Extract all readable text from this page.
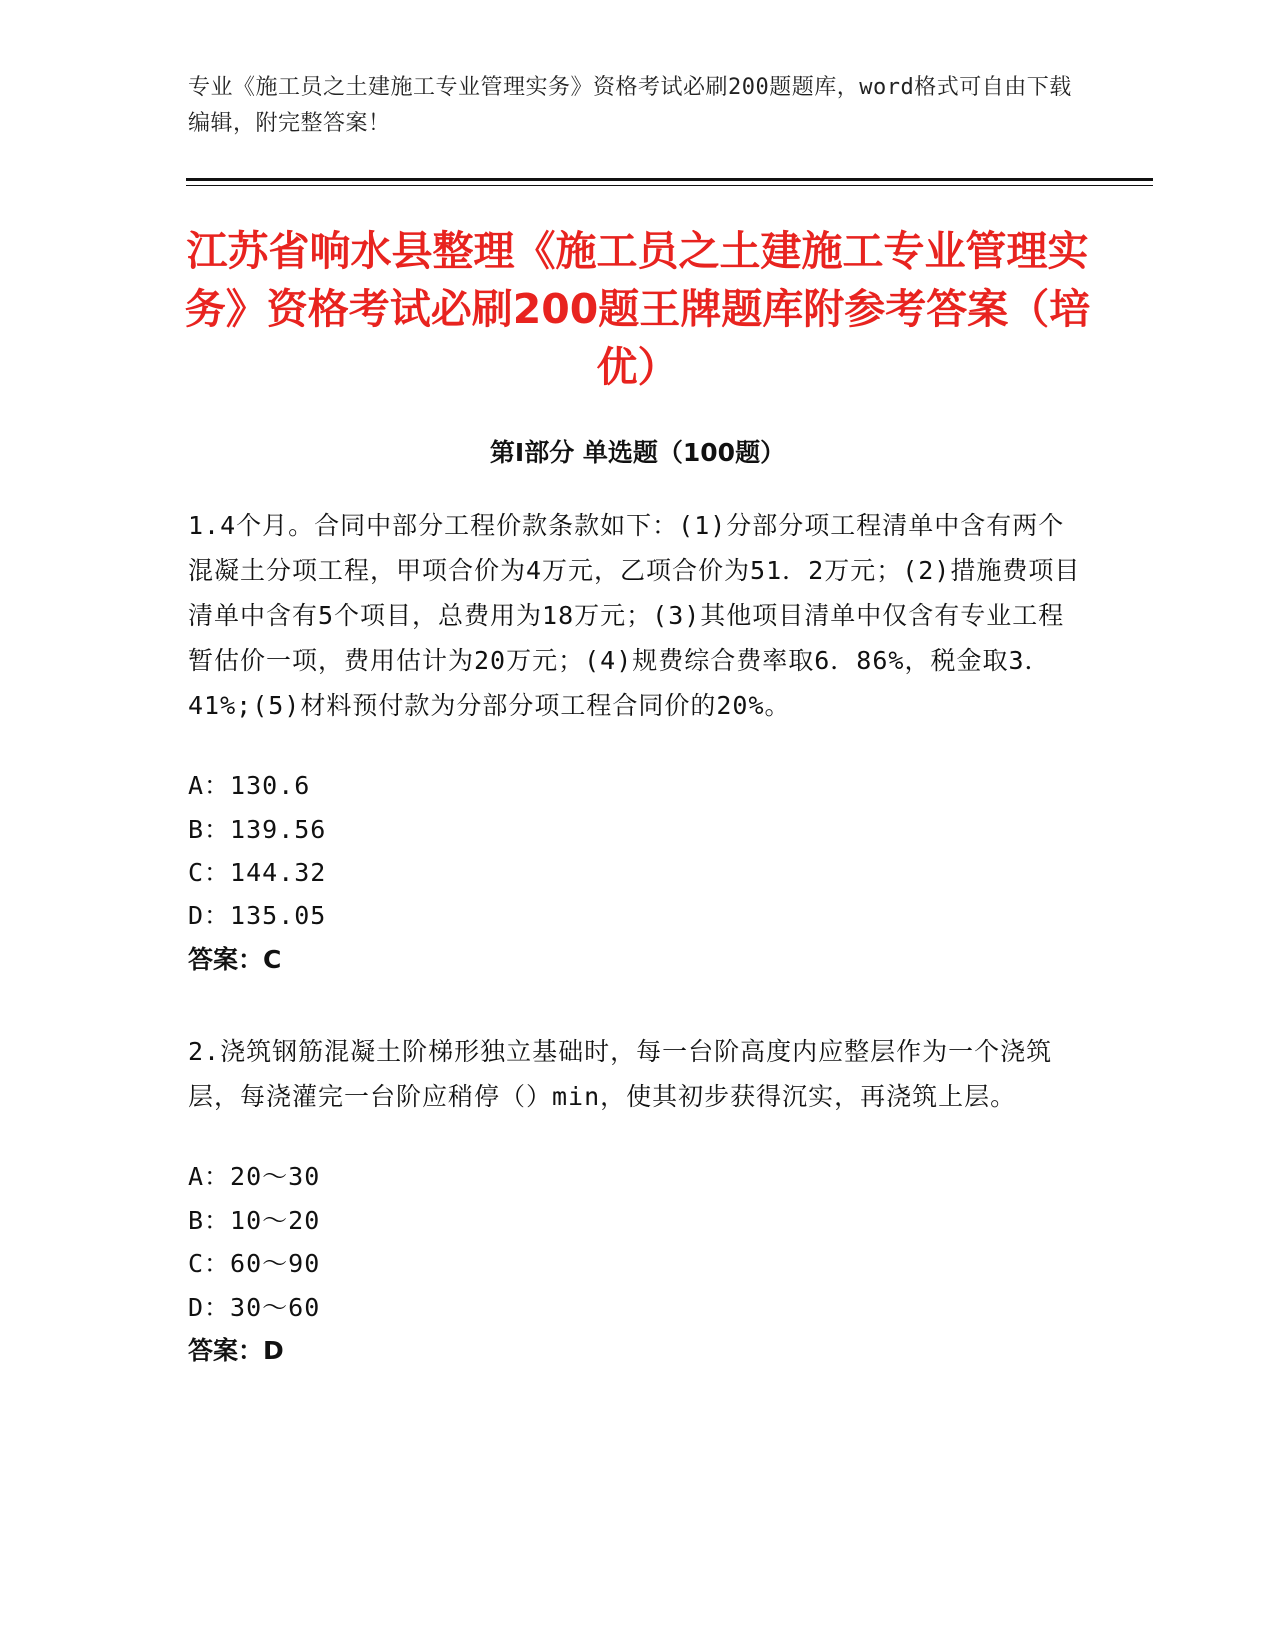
专业《施工员之土建施工专业管理实务》资格考试必刷200题题库，word格式可自由下载编辑，附完整答案！
江苏省响水县整理《施工员之土建施工专业管理实务》资格考试必刷200题王牌题库附参考答案（培优）
第Ⅰ部分 单选题（100题）

1.4个月。合同中部分工程价款条款如下：(1)分部分项工程清单中含有两个混凝土分项工程，甲项合价为4万元，乙项合价为51．2万元；(2)措施费项目清单中含有5个项目，总费用为18万元；(3)其他项目清单中仅含有专业工程暂估价一项，费用估计为20万元；(4)规费综合费率取6．86%，税金取3．41%;(5)材料预付款为分部分项工程合同价的20%。

A：130.6
B：139.56
C：144.32
D：135.05
答案：C

2.浇筑钢筋混凝土阶梯形独立基础时，每一台阶高度内应整层作为一个浇筑层，每浇灌完一台阶应稍停（）min，使其初步获得沉实，再浇筑上层。

A：20～30
B：10～20
C：60～90
D：30～60
答案：D
